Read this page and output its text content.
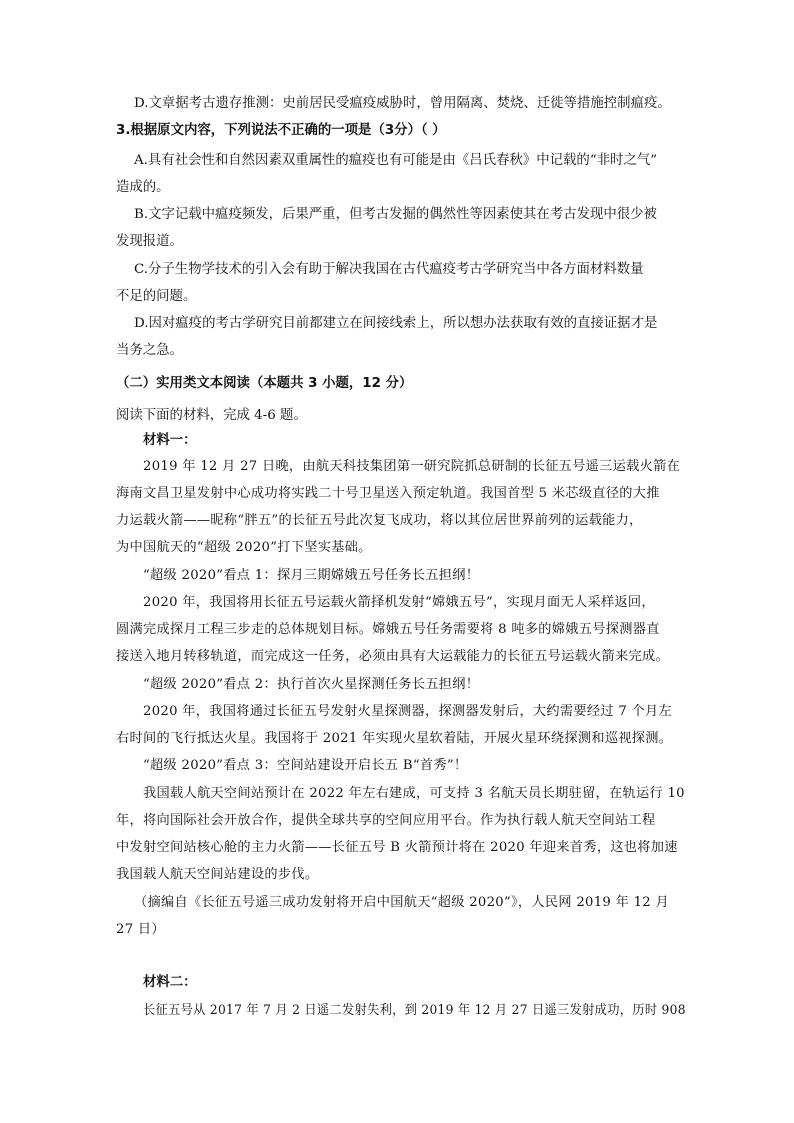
D.文章据考古遗存推测：史前居民受瘟疫威胁时，曾用隔离、焚烧、迁徙等措施控制瘟疫。
3.根据原文内容，下列说法不正确的一项是（3分）（ ）
A.具有社会性和自然因素双重属性的瘟疫也有可能是由《吕氏春秋》中记载的“非时之气”
造成的。
B.文字记载中瘟疫频发，后果严重，但考古发掘的偶然性等因素使其在考古发现中很少被
发现报道。
C.分子生物学技术的引入会有助于解决我国在古代瘟疫考古学研究当中各方面材料数量
不足的问题。
D.因对瘟疫的考古学研究目前都建立在间接线索上，所以想办法获取有效的直接证据才是
当务之急。
（二）实用类文本阅读（本题共 3 小题，12 分）
阅读下面的材料，完成 4-6 题。
材料一：
2019 年 12 月 27 日晚，由航天科技集团第一研究院抓总研制的长征五号遥三运载火箭在
海南文昌卫星发射中心成功将实践二十号卫星送入预定轨道。我国首型 5 米芯级直径的大推
力运载火箭——昵称“胖五”的长征五号此次复飞成功，将以其位居世界前列的运载能力，
为中国航天的“超级 2020”打下坚实基础。
“超级 2020”看点 1：探月三期嫦娥五号任务长五担纲！
2020 年，我国将用长征五号运载火箭择机发射“嫦娥五号”，实现月面无人采样返回，
圆满完成探月工程三步走的总体规划目标。嫦娥五号任务需要将 8 吨多的嫦娥五号探测器直
接送入地月转移轨道，而完成这一任务，必须由具有大运载能力的长征五号运载火箭来完成。
“超级 2020”看点 2：执行首次火星探测任务长五担纲！
2020 年，我国将通过长征五号发射火星探测器，探测器发射后，大约需要经过 7 个月左
右时间的飞行抵达火星。我国将于 2021 年实现火星软着陆，开展火星环绕探测和巡视探测。
“超级 2020”看点 3：空间站建设开启长五 B“首秀”！
我国载人航天空间站预计在 2022 年左右建成，可支持 3 名航天员长期驻留，在轨运行 10
年，将向国际社会开放合作，提供全球共享的空间应用平台。作为执行载人航天空间站工程
中发射空间站核心舱的主力火箭——长征五号 B 火箭预计将在 2020 年迎来首秀，这也将加速
我国载人航天空间站建设的步伐。
（摘编自《长征五号遥三成功发射将开启中国航天“超级 2020”》，人民网 2019 年 12 月
27 日）
材料二：
长征五号从 2017 年 7 月 2 日遥二发射失利，到 2019 年 12 月 27 日遥三发射成功，历时 908
